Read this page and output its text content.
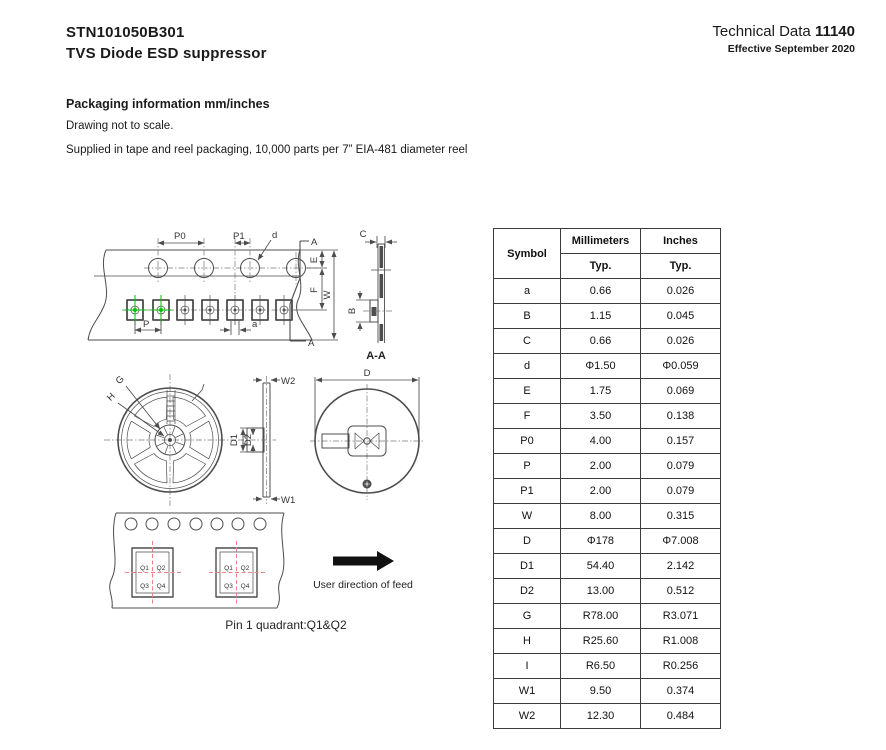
STN101050B301
TVS Diode ESD suppressor
Technical Data 11140
Effective September 2020
Packaging information mm/inches
Drawing not to scale.
Supplied in tape and reel packaging, 10,000 parts per 7” EIA-481 diameter reel
P0	P1	d
A
A
E
F
W
P	a
C
B
A-A
G
H
W2
W1
D1 D2
D
Q1 Q2
Q3 Q4
Q1 Q2
Q3 Q4	User direction of feed
Pin 1 quadrant:Q1&Q2
Symbol	Millimeters	Inches
	Typ.	Typ.
a	0.66	0.026
B	1.15	0.045
C	0.66	0.026
d	Φ1.50	Φ0.059
E	1.75	0.069
F	3.50	0.138
P0	4.00	0.157
P	2.00	0.079
P1	2.00	0.079
W	8.00	0.315
D	Φ178	Φ7.008
D1	54.40	2.142
D2	13.00	0.512
G	R78.00	R3.071
H	R25.60	R1.008
I	R6.50	R0.256
W1	9.50	0.374
W2	12.30	0.484
